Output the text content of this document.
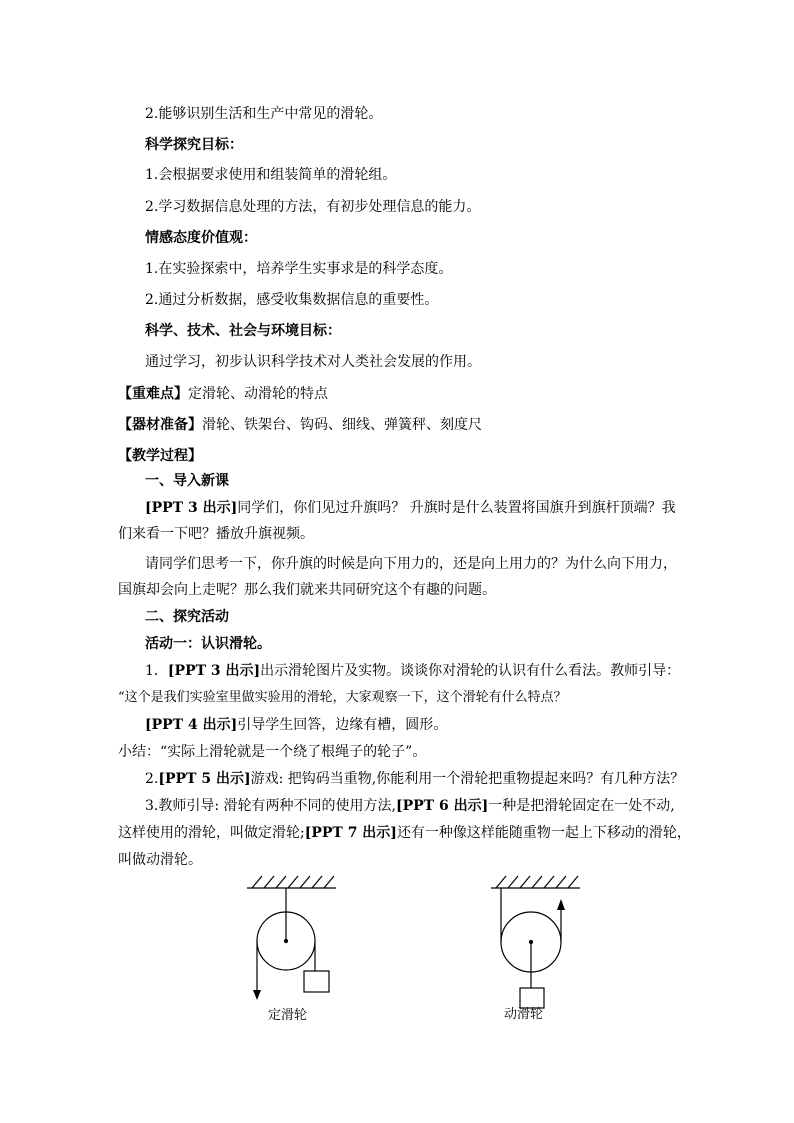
2.能够识别生活和生产中常见的滑轮。
科学探究目标：
1.会根据要求使用和组装简单的滑轮组。
2.学习数据信息处理的方法，有初步处理信息的能力。
情感态度价值观：
1.在实验探索中，培养学生实事求是的科学态度。
2.通过分析数据，感受收集数据信息的重要性。
科学、技术、社会与环境目标：
通过学习，初步认识科学技术对人类社会发展的作用。
【重难点】定滑轮、动滑轮的特点
【器材准备】滑轮、铁架台、钩码、细线、弹簧秤、刻度尺
【教学过程】
一、导入新课
[PPT 3 出示]同学们，你们见过升旗吗？ 升旗时是什么装置将国旗升到旗杆顶端？我
们来看一下吧？播放升旗视频。
请同学们思考一下，你升旗的时候是向下用力的，还是向上用力的？为什么向下用力，
国旗却会向上走呢？那么我们就来共同研究这个有趣的问题。
二、探究活动
活动一：认识滑轮。
1．[PPT 3 出示]出示滑轮图片及实物。谈谈你对滑轮的认识有什么看法。教师引导：
“这个是我们实验室里做实验用的滑轮，大家观察一下，这个滑轮有什么特点？
[PPT 4 出示]引导学生回答，边缘有槽，圆形。
小结：“实际上滑轮就是一个绕了根绳子的轮子”。
2.[PPT 5 出示]游戏: 把钩码当重物,你能利用一个滑轮把重物提起来吗？有几种方法？
3.教师引导: 滑轮有两种不同的使用方法,[PPT 6 出示]一种是把滑轮固定在一处不动,
这样使用的滑轮，叫做定滑轮;[PPT 7 出示]还有一种像这样能随重物一起上下移动的滑轮，
叫做动滑轮。
定滑轮	动滑轮
